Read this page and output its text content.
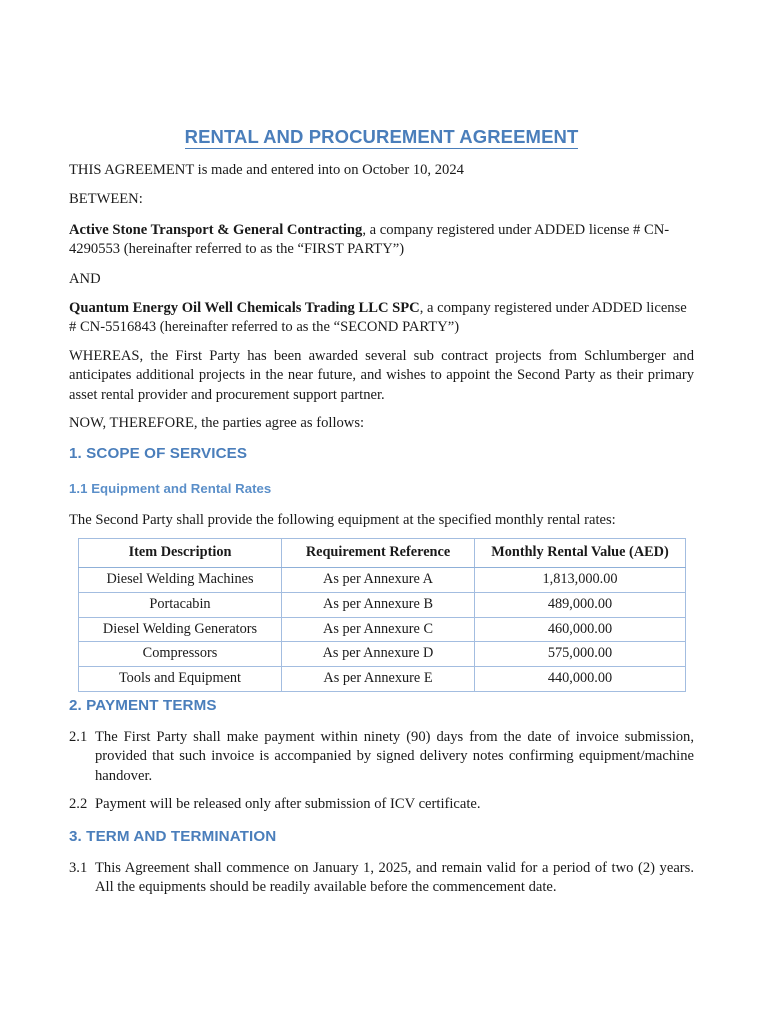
RENTAL AND PROCUREMENT AGREEMENT

THIS AGREEMENT is made and entered into on October 10, 2024

BETWEEN:

Active Stone Transport & General Contracting, a company registered under ADDED license # CN-4290553 (hereinafter referred to as the “FIRST PARTY”)

AND

Quantum Energy Oil Well Chemicals Trading LLC SPC, a company registered under ADDED license # CN-5516843 (hereinafter referred to as the “SECOND PARTY”)

WHEREAS, the First Party has been awarded several sub contract projects from Schlumberger and anticipates additional projects in the near future, and wishes to appoint the Second Party as their primary asset rental provider and procurement support partner.

NOW, THEREFORE, the parties agree as follows:

1. SCOPE OF SERVICES
1.1 Equipment and Rental Rates

The Second Party shall provide the following equipment at the specified monthly rental rates:

Item Description	Requirement Reference	Monthly Rental Value (AED)
Diesel Welding Machines	As per Annexure A	1,813,000.00
Portacabin	As per Annexure B	489,000.00
Diesel Welding Generators	As per Annexure C	460,000.00
Compressors	As per Annexure D	575,000.00
Tools and Equipment	As per Annexure E	440,000.00
2. PAYMENT TERMS

2.1 The First Party shall make payment within ninety (90) days from the date of invoice submission, provided that such invoice is accompanied by signed delivery notes confirming equipment/machine handover.

2.2 Payment will be released only after submission of ICV certificate.

3. TERM AND TERMINATION

3.1 This Agreement shall commence on January 1, 2025, and remain valid for a period of two (2) years. All the equipments should be readily available before the commencement date.
